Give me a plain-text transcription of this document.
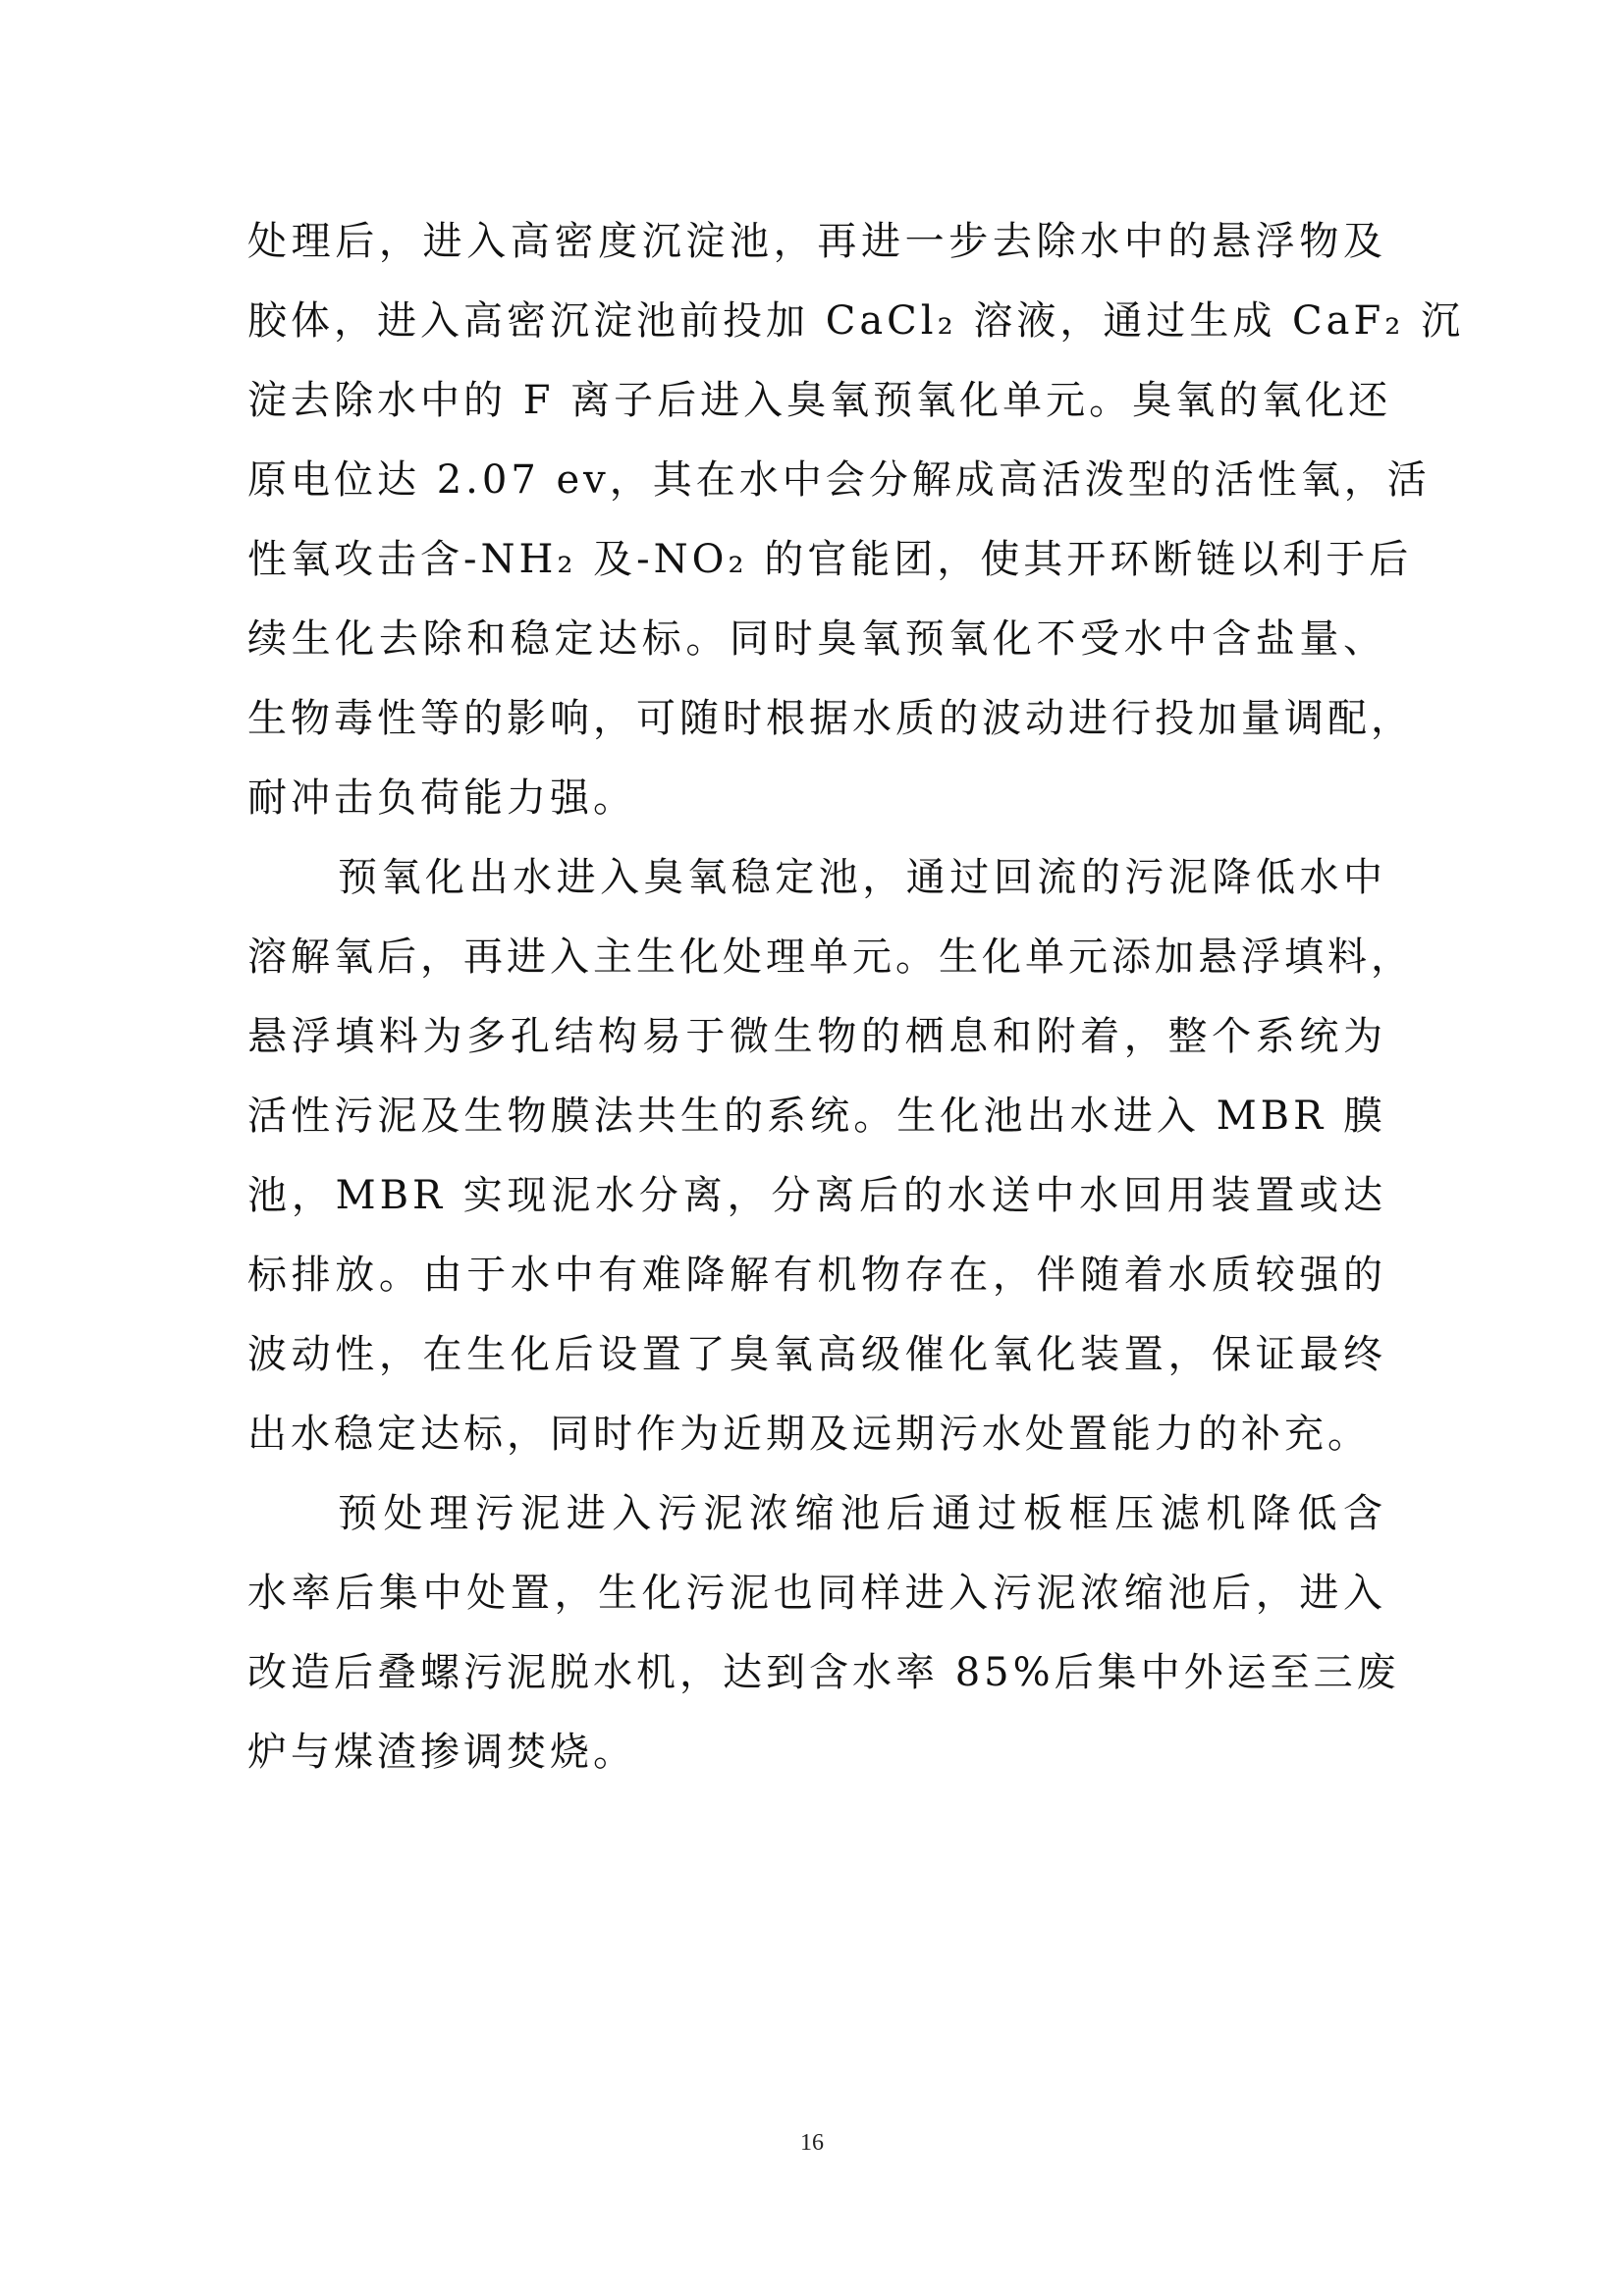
处理后，进入高密度沉淀池，再进一步去除水中的悬浮物及
胶体，进入高密沉淀池前投加 CaCl₂ 溶液，通过生成 CaF₂ 沉
淀去除水中的 F 离子后进入臭氧预氧化单元。臭氧的氧化还
原电位达 2.07 ev，其在水中会分解成高活泼型的活性氧，活
性氧攻击含-NH₂ 及-NO₂ 的官能团，使其开环断链以利于后
续生化去除和稳定达标。同时臭氧预氧化不受水中含盐量、
生物毒性等的影响，可随时根据水质的波动进行投加量调配，
耐冲击负荷能力强。
预氧化出水进入臭氧稳定池，通过回流的污泥降低水中
溶解氧后，再进入主生化处理单元。生化单元添加悬浮填料，
悬浮填料为多孔结构易于微生物的栖息和附着，整个系统为
活性污泥及生物膜法共生的系统。生化池出水进入 MBR 膜
池，MBR 实现泥水分离，分离后的水送中水回用装置或达
标排放。由于水中有难降解有机物存在，伴随着水质较强的
波动性，在生化后设置了臭氧高级催化氧化装置，保证最终
出水稳定达标，同时作为近期及远期污水处置能力的补充。
预处理污泥进入污泥浓缩池后通过板框压滤机降低含
水率后集中处置，生化污泥也同样进入污泥浓缩池后，进入
改造后叠螺污泥脱水机，达到含水率 85%后集中外运至三废
炉与煤渣掺调焚烧。
16
